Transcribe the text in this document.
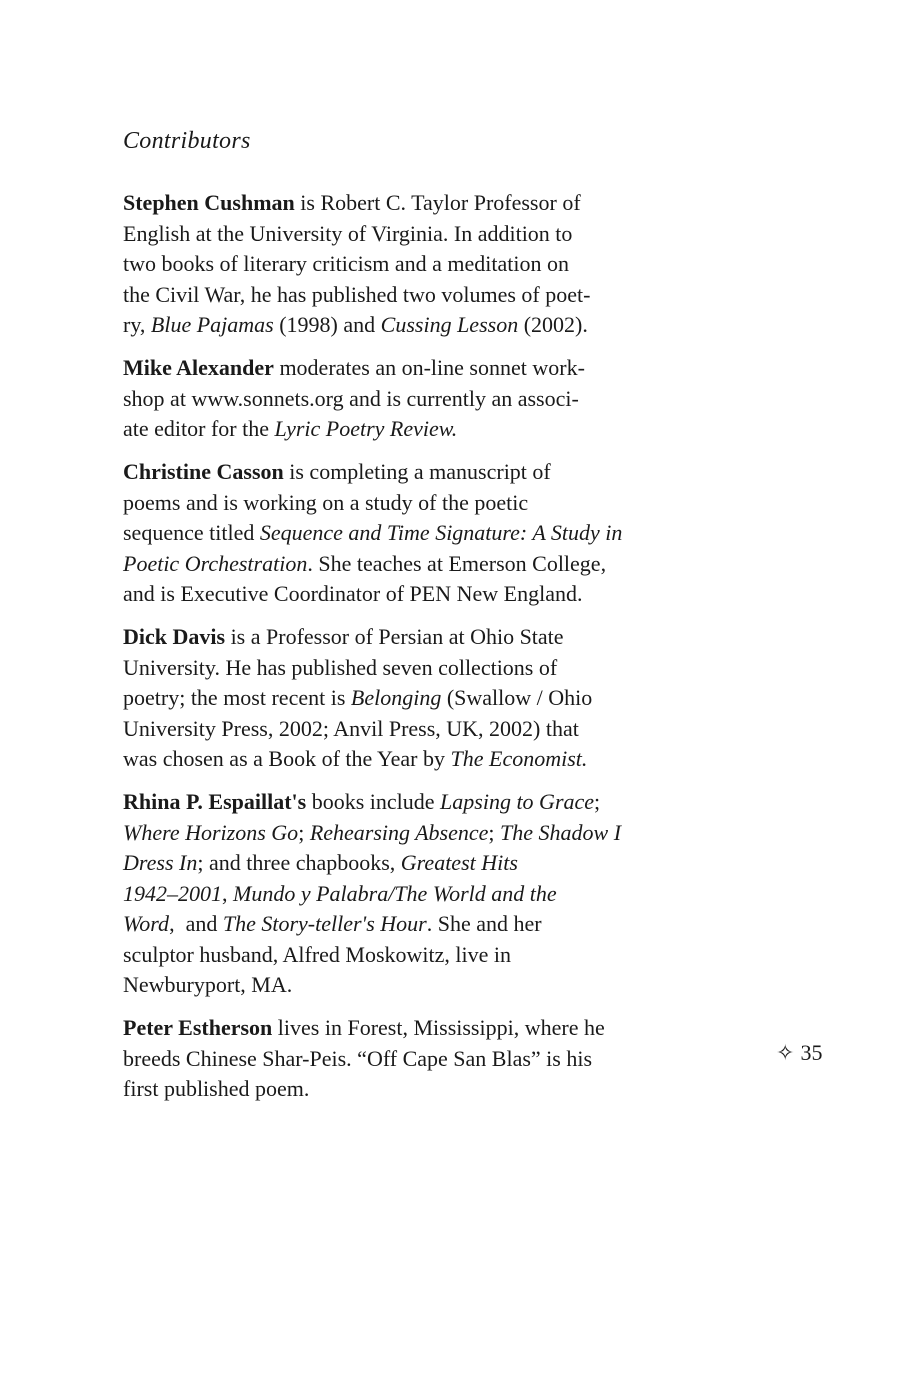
Contributors

Stephen Cushman is Robert C. Taylor Professor of
English at the University of Virginia. In addition to
two books of literary criticism and a meditation on
the Civil War, he has published two volumes of poet-
ry, Blue Pajamas (1998) and Cussing Lesson (2002).

Mike Alexander moderates an on-line sonnet work-
shop at www.sonnets.org and is currently an associ-
ate editor for the Lyric Poetry Review.

Christine Casson is completing a manuscript of
poems and is working on a study of the poetic
sequence titled Sequence and Time Signature: A Study in
Poetic Orchestration. She teaches at Emerson College,
and is Executive Coordinator of PEN New England.

Dick Davis is a Professor of Persian at Ohio State
University. He has published seven collections of
poetry; the most recent is Belonging (Swallow / Ohio
University Press, 2002; Anvil Press, UK, 2002) that
was chosen as a Book of the Year by The Economist.

Rhina P. Espaillat's books include Lapsing to Grace;
Where Horizons Go; Rehearsing Absence; The Shadow I
Dress In; and three chapbooks, Greatest Hits
1942–2001, Mundo y Palabra/The World and the
Word,  and The Story-teller's Hour. She and her
sculptor husband, Alfred Moskowitz, live in
Newburyport, MA.

Peter Estherson lives in Forest, Mississippi, where he
breeds Chinese Shar-Peis. “Off Cape San Blas” is his
first published poem.

✧ 35
